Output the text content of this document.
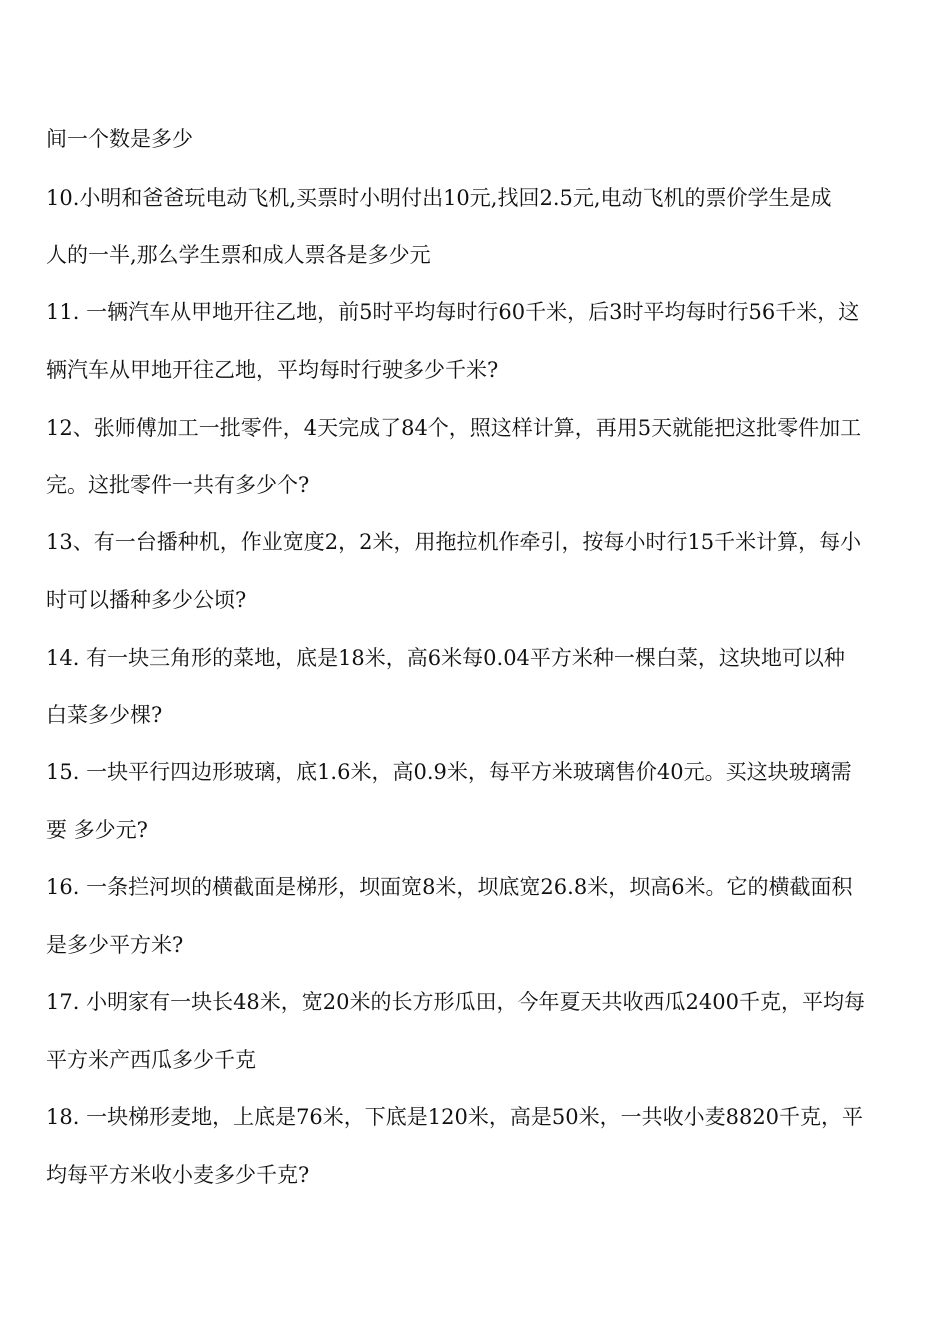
间一个数是多少
10.小明和爸爸玩电动飞机,买票时小明付出10元,找回2.5元,电动飞机的票价学生是成
人的一半,那么学生票和成人票各是多少元
11. 一辆汽车从甲地开往乙地，前5时平均每时行60千米，后3时平均每时行56千米，这
辆汽车从甲地开往乙地，平均每时行驶多少千米?
12、张师傅加工一批零件，4天完成了84个，照这样计算，再用5天就能把这批零件加工
完。这批零件一共有多少个?
13、有一台播种机，作业宽度2，2米，用拖拉机作牵引，按每小时行15千米计算，每小
时可以播种多少公顷?
14. 有一块三角形的菜地，底是18米，高6米每0.04平方米种一棵白菜，这块地可以种
白菜多少棵?
15. 一块平行四边形玻璃，底1.6米，高0.9米，每平方米玻璃售价40元。买这块玻璃需
要 多少元?
16. 一条拦河坝的横截面是梯形，坝面宽8米，坝底宽26.8米，坝高6米。它的横截面积
是多少平方米?
17. 小明家有一块长48米，宽20米的长方形瓜田，今年夏天共收西瓜2400千克，平均每
平方米产西瓜多少千克
18. 一块梯形麦地，上底是76米，下底是120米，高是50米，一共收小麦8820千克，平
均每平方米收小麦多少千克?
